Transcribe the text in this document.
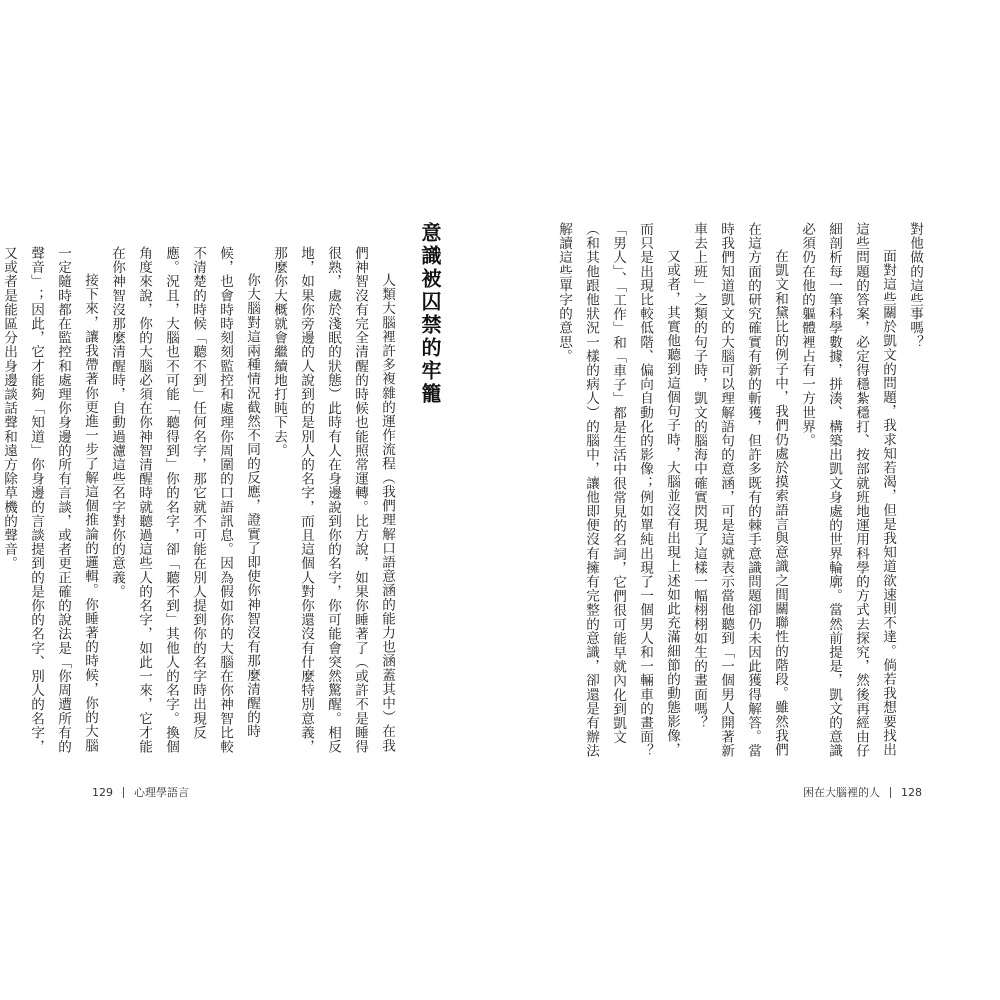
意識被囚禁的牢籠

人類大腦裡許多複雜的運作流程（我們理解口語意涵的能力也涵蓋其中）在我們神智沒有完全清醒的時候也能照常運轉。比方說，如果你睡著了（或許不是睡得很熟，處於淺眠的狀態）此時有人在身邊說到你的名字，你可能會突然驚醒。相反地，如果你旁邊的人說到的是別人的名字，而且這個人對你還沒有什麼特別意義，那麼你大概就會繼續地打盹下去。

你大腦對這兩種情況截然不同的反應，證實了即使你神智沒有那麼清醒的時候，也會時時刻刻監控和處理你周圍的口語訊息。因為假如你的大腦在你神智比較不清楚的時候「聽不到」任何名字，那它就不可能在別人提到你的名字時出現反應。況且，大腦也不可能「聽得到」你的名字，卻「聽不到」其他人的名字。換個角度來說，你的大腦必須在你神智清醒時就聽過這些人的名字，如此一來，它才能在你神智沒那麼清醒時，自動過濾這些名字對你的意義。

接下來，讓我帶著你更進一步了解這個推論的邏輯。你睡著的時候，你的大腦一定隨時都在監控和處理你身邊的所有言談，或者更正確的說法是「你周遭所有的聲音」；因此，它才能夠「知道」你身邊的言談提到的是你的名字、別人的名字，又或者是能區分出身邊談話聲和遠方除草機的聲音。

129 心理學語言

對他做的這些事嗎？

面對這些關於凱文的問題，我求知若渴，但是我知道欲速則不達。倘若我想要找出這些問題的答案，必定得穩紮穩打、按部就班地運用科學的方式去探究，然後再經由仔細剖析每一筆科學數據，拼湊、構築出凱文身處的世界輪廓。當然前提是，凱文的意識必須仍在他的軀體裡占有一方世界。

在凱文和黛比的例子中，我們仍處於摸索語言與意識之間關聯性的階段。雖然我們在這方面的研究確實有新的斬獲，但許多既有的棘手意識問題卻仍未因此獲得解答。當時我們知道凱文的大腦可以理解語句的意涵，可是這就表示當他聽到「一個男人開著新車去上班」之類的句子時，凱文的腦海中確實閃現了這樣一幅栩栩如生的畫面嗎？

又或者，其實他聽到這個句子時，大腦並沒有出現上述如此充滿細節的動態影像，而只是出現比較低階、偏向自動化的影像；例如單純出現了一個男人和一輛車的畫面？「男人」、「工作」和「車子」都是生活中很常見的名詞，它們很可能早就內化到凱文（和其他跟他狀況一樣的病人）的腦中，讓他即便沒有擁有完整的意識，卻還是有辦法解讀這些單字的意思。

困在大腦裡的人 128
